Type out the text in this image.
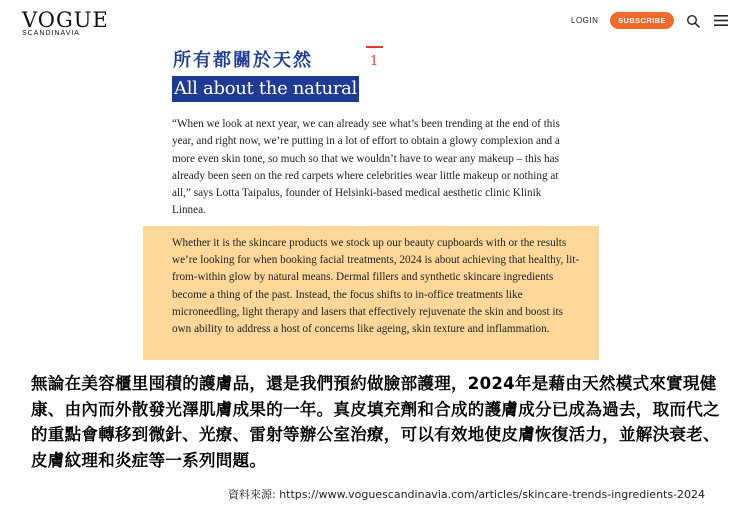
VOGUE
SCANDINAVIA
LOGIN	SUBSCRIBE
所有都關於天然
All about the natural
1

“When we look at next year, we can already see what’s been trending at the end of this year, and right now, we’re putting in a lot of effort to obtain a glowy complexion and a more even skin tone, so much so that we wouldn’t have to wear any makeup – this has already been seen on the red carpets where celebrities wear little makeup or nothing at all,” says Lotta Taipalus, founder of Helsinki-based medical aesthetic clinic Klinik Linnea.

Whether it is the skincare products we stock up our beauty cupboards with or the results we’re looking for when booking facial treatments, 2024 is about achieving that healthy, lit-from-within glow by natural means. Dermal fillers and synthetic skincare ingredients become a thing of the past. Instead, the focus shifts to in-office treatments like microneedling, light therapy and lasers that effectively rejuvenate the skin and boost its own ability to address a host of concerns like ageing, skin texture and inflammation.

無論在美容櫃里囤積的護膚品，還是我們預約做臉部護理，2024年是藉由天然模式來實現健康、由內而外散發光澤肌膚成果的一年。真皮填充劑和合成的護膚成分已成為過去，取而代之的重點會轉移到微針、光療、雷射等辦公室治療，可以有效地使皮膚恢復活力，並解決衰老、皮膚紋理和炎症等一系列問題。

資料來源: https://www.voguescandinavia.com/articles/skincare-trends-ingredients-2024
